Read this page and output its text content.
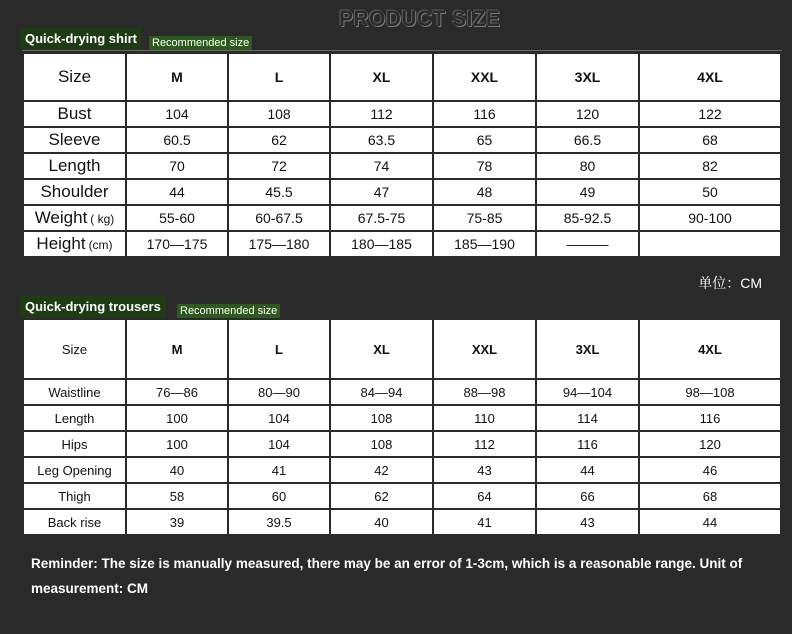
PRODUCT SIZE
Quick-drying shirt	Recommended size
Size	M	L	XL	XXL	3XL	4XL
Bust	104	108	112	116	120	122
Sleeve	60.5	62	63.5	65	66.5	68
Length	70	72	74	78	80	82
Shoulder	44	45.5	47	48	49	50
Weight ( kg)	55-60	60-67.5	67.5-75	75-85	85-92.5	90-100
Height (cm)	170—175	175—180	180—185	185—190	———	
单位：CM
Quick-drying trousers	Recommended size
Size	M	L	XL	XXL	3XL	4XL
Waistline	76—86	80—90	84—94	88—98	94—104	98—108
Length	100	104	108	110	114	116
Hips	100	104	108	112	116	120
Leg Opening	40	41	42	43	44	46
Thigh	58	60	62	64	66	68
Back rise	39	39.5	40	41	43	44
Reminder: The size is manually measured, there may be an error of 1-3cm, which is a reasonable range. Unit of measurement: CM
